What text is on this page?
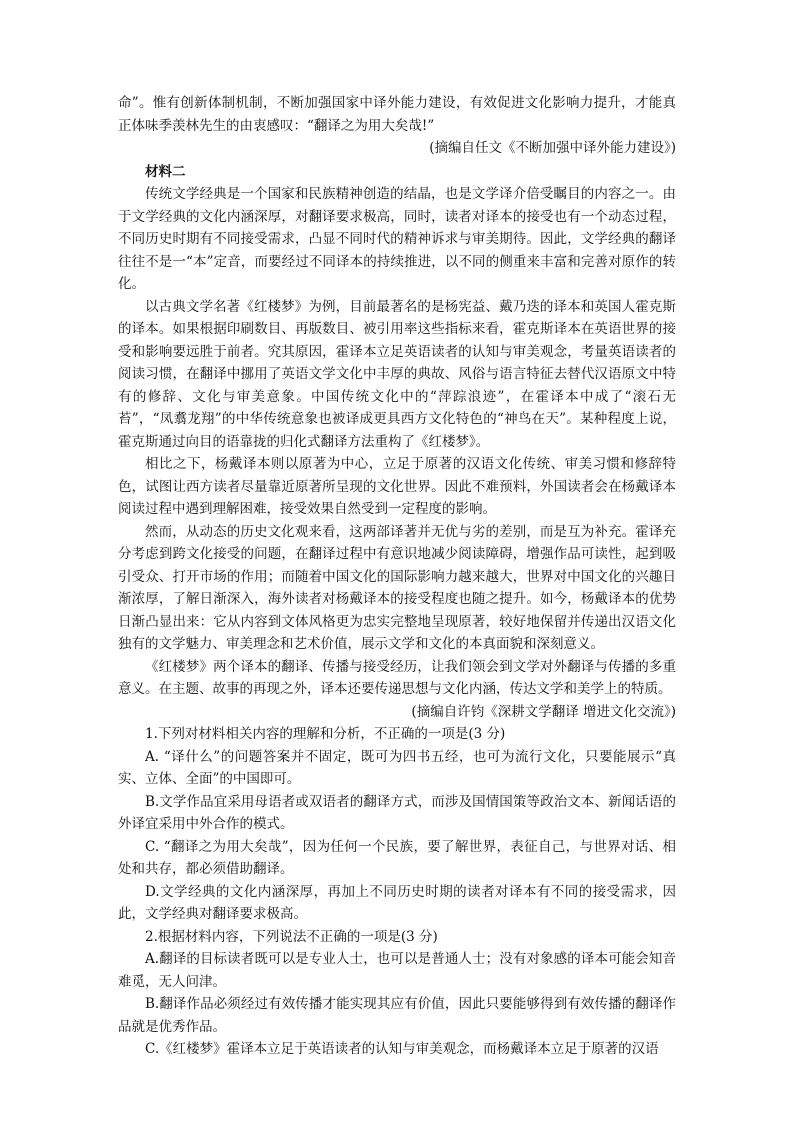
命”。惟有创新体制机制，不断加强国家中译外能力建设，有效促进文化影响力提升，才能真正体味季羡林先生的由衷感叹：“翻译之为用大矣哉!”

(摘编自任文《不断加强中译外能力建设》)

材料二

传统文学经典是一个国家和民族精神创造的结晶，也是文学译介倍受瞩目的内容之一。由于文学经典的文化内涵深厚，对翻译要求极高，同时，读者对译本的接受也有一个动态过程，不同历史时期有不同接受需求，凸显不同时代的精神诉求与审美期待。因此，文学经典的翻译往往不是一“本”定音，而要经过不同译本的持续推进，以不同的侧重来丰富和完善对原作的转化。

以古典文学名著《红楼梦》为例，目前最著名的是杨宪益、戴乃迭的译本和英国人霍克斯的译本。如果根据印刷数目、再版数目、被引用率这些指标来看，霍克斯译本在英语世界的接受和影响要远胜于前者。究其原因，霍译本立足英语读者的认知与审美观念，考量英语读者的阅读习惯，在翻译中挪用了英语文学文化中丰厚的典故、风俗与语言特征去替代汉语原文中特有的修辞、文化与审美意象。中国传统文化中的“萍踪浪迹”，在霍译本中成了“滚石无苔”，“凤翥龙翔”的中华传统意象也被译成更具西方文化特色的“神鸟在天”。某种程度上说，霍克斯通过向目的语靠拢的归化式翻译方法重构了《红楼梦》。

相比之下，杨戴译本则以原著为中心，立足于原著的汉语文化传统、审美习惯和修辞特色，试图让西方读者尽量靠近原著所呈现的文化世界。因此不难预料，外国读者会在杨戴译本阅读过程中遇到理解困难，接受效果自然受到一定程度的影响。

然而，从动态的历史文化观来看，这两部译著并无优与劣的差别，而是互为补充。霍译充分考虑到跨文化接受的问题，在翻译过程中有意识地减少阅读障碍，增强作品可读性，起到吸引受众、打开市场的作用；而随着中国文化的国际影响力越来越大，世界对中国文化的兴趣日渐浓厚，了解日渐深入，海外读者对杨戴译本的接受程度也随之提升。如今，杨戴译本的优势日渐凸显出来：它从内容到文体风格更为忠实完整地呈现原著，较好地保留并传递出汉语文化独有的文学魅力、审美理念和艺术价值，展示文学和文化的本真面貌和深刻意义。

《红楼梦》两个译本的翻译、传播与接受经历，让我们领会到文学对外翻译与传播的多重意义。在主题、故事的再现之外，译本还要传递思想与文化内涵，传达文学和美学上的特质。

(摘编自许钧《深耕文学翻译 增进文化交流》)

1.下列对材料相关内容的理解和分析，不正确的一项是(3 分)

A. “译什么”的问题答案并不固定，既可为四书五经，也可为流行文化，只要能展示“真实、立体、全面”的中国即可。

B.文学作品宜采用母语者或双语者的翻译方式，而涉及国情国策等政治文本、新闻话语的外译宜采用中外合作的模式。

C. “翻译之为用大矣哉”，因为任何一个民族，要了解世界，表征自己，与世界对话、相处和共存，都必须借助翻译。

D.文学经典的文化内涵深厚，再加上不同历史时期的读者对译本有不同的接受需求，因此，文学经典对翻译要求极高。

2.根据材料内容，下列说法不正确的一项是(3 分)

A.翻译的目标读者既可以是专业人士，也可以是普通人士；没有对象感的译本可能会知音难觅，无人问津。

B.翻译作品必须经过有效传播才能实现其应有价值，因此只要能够得到有效传播的翻译作品就是优秀作品。

C.《红楼梦》霍译本立足于英语读者的认知与审美观念，而杨戴译本立足于原著的汉语
